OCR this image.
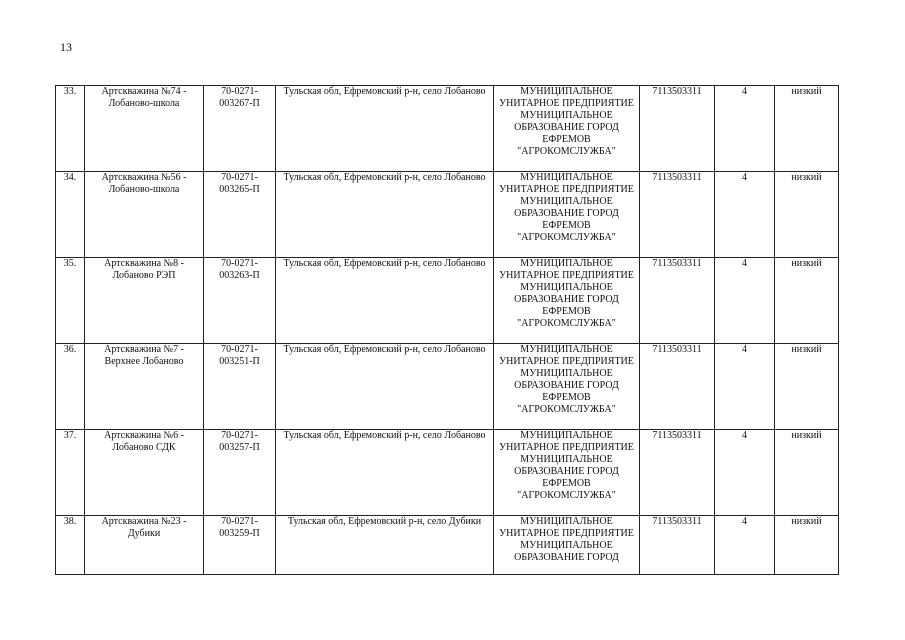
13
33.	Артскважина №74 - Лобаново-школа	70-0271-003267-П	Тульская обл, Ефремовский р-н, село Лобаново	МУНИЦИПАЛЬНОЕ УНИТАРНОЕ ПРЕДПРИЯТИЕ МУНИЦИПАЛЬНОЕ ОБРАЗОВАНИЕ ГОРОД ЕФРЕМОВ "АГРОКОМСЛУЖБА"	7113503311	4	низкий
34.	Артскважина №56 - Лобаново-школа	70-0271-003265-П	Тульская обл, Ефремовский р-н, село Лобаново	МУНИЦИПАЛЬНОЕ УНИТАРНОЕ ПРЕДПРИЯТИЕ МУНИЦИПАЛЬНОЕ ОБРАЗОВАНИЕ ГОРОД ЕФРЕМОВ "АГРОКОМСЛУЖБА"	7113503311	4	низкий
35.	Артскважина №8 - Лобаново РЭП	70-0271-003263-П	Тульская обл, Ефремовский р-н, село Лобаново	МУНИЦИПАЛЬНОЕ УНИТАРНОЕ ПРЕДПРИЯТИЕ МУНИЦИПАЛЬНОЕ ОБРАЗОВАНИЕ ГОРОД ЕФРЕМОВ "АГРОКОМСЛУЖБА"	7113503311	4	низкий
36.	Артскважина №7 - Верхнее Лобаново	70-0271-003251-П	Тульская обл, Ефремовский р-н, село Лобаново	МУНИЦИПАЛЬНОЕ УНИТАРНОЕ ПРЕДПРИЯТИЕ МУНИЦИПАЛЬНОЕ ОБРАЗОВАНИЕ ГОРОД ЕФРЕМОВ "АГРОКОМСЛУЖБА"	7113503311	4	низкий
37.	Артскважина №6 - Лобаново СДК	70-0271-003257-П	Тульская обл, Ефремовский р-н, село Лобаново	МУНИЦИПАЛЬНОЕ УНИТАРНОЕ ПРЕДПРИЯТИЕ МУНИЦИПАЛЬНОЕ ОБРАЗОВАНИЕ ГОРОД ЕФРЕМОВ "АГРОКОМСЛУЖБА"	7113503311	4	низкий
38.	Артскважина №23 - Дубики	70-0271-003259-П	Тульская обл, Ефремовский р-н, село Дубики	МУНИЦИПАЛЬНОЕ УНИТАРНОЕ ПРЕДПРИЯТИЕ МУНИЦИПАЛЬНОЕ ОБРАЗОВАНИЕ ГОРОД	7113503311	4	низкий
